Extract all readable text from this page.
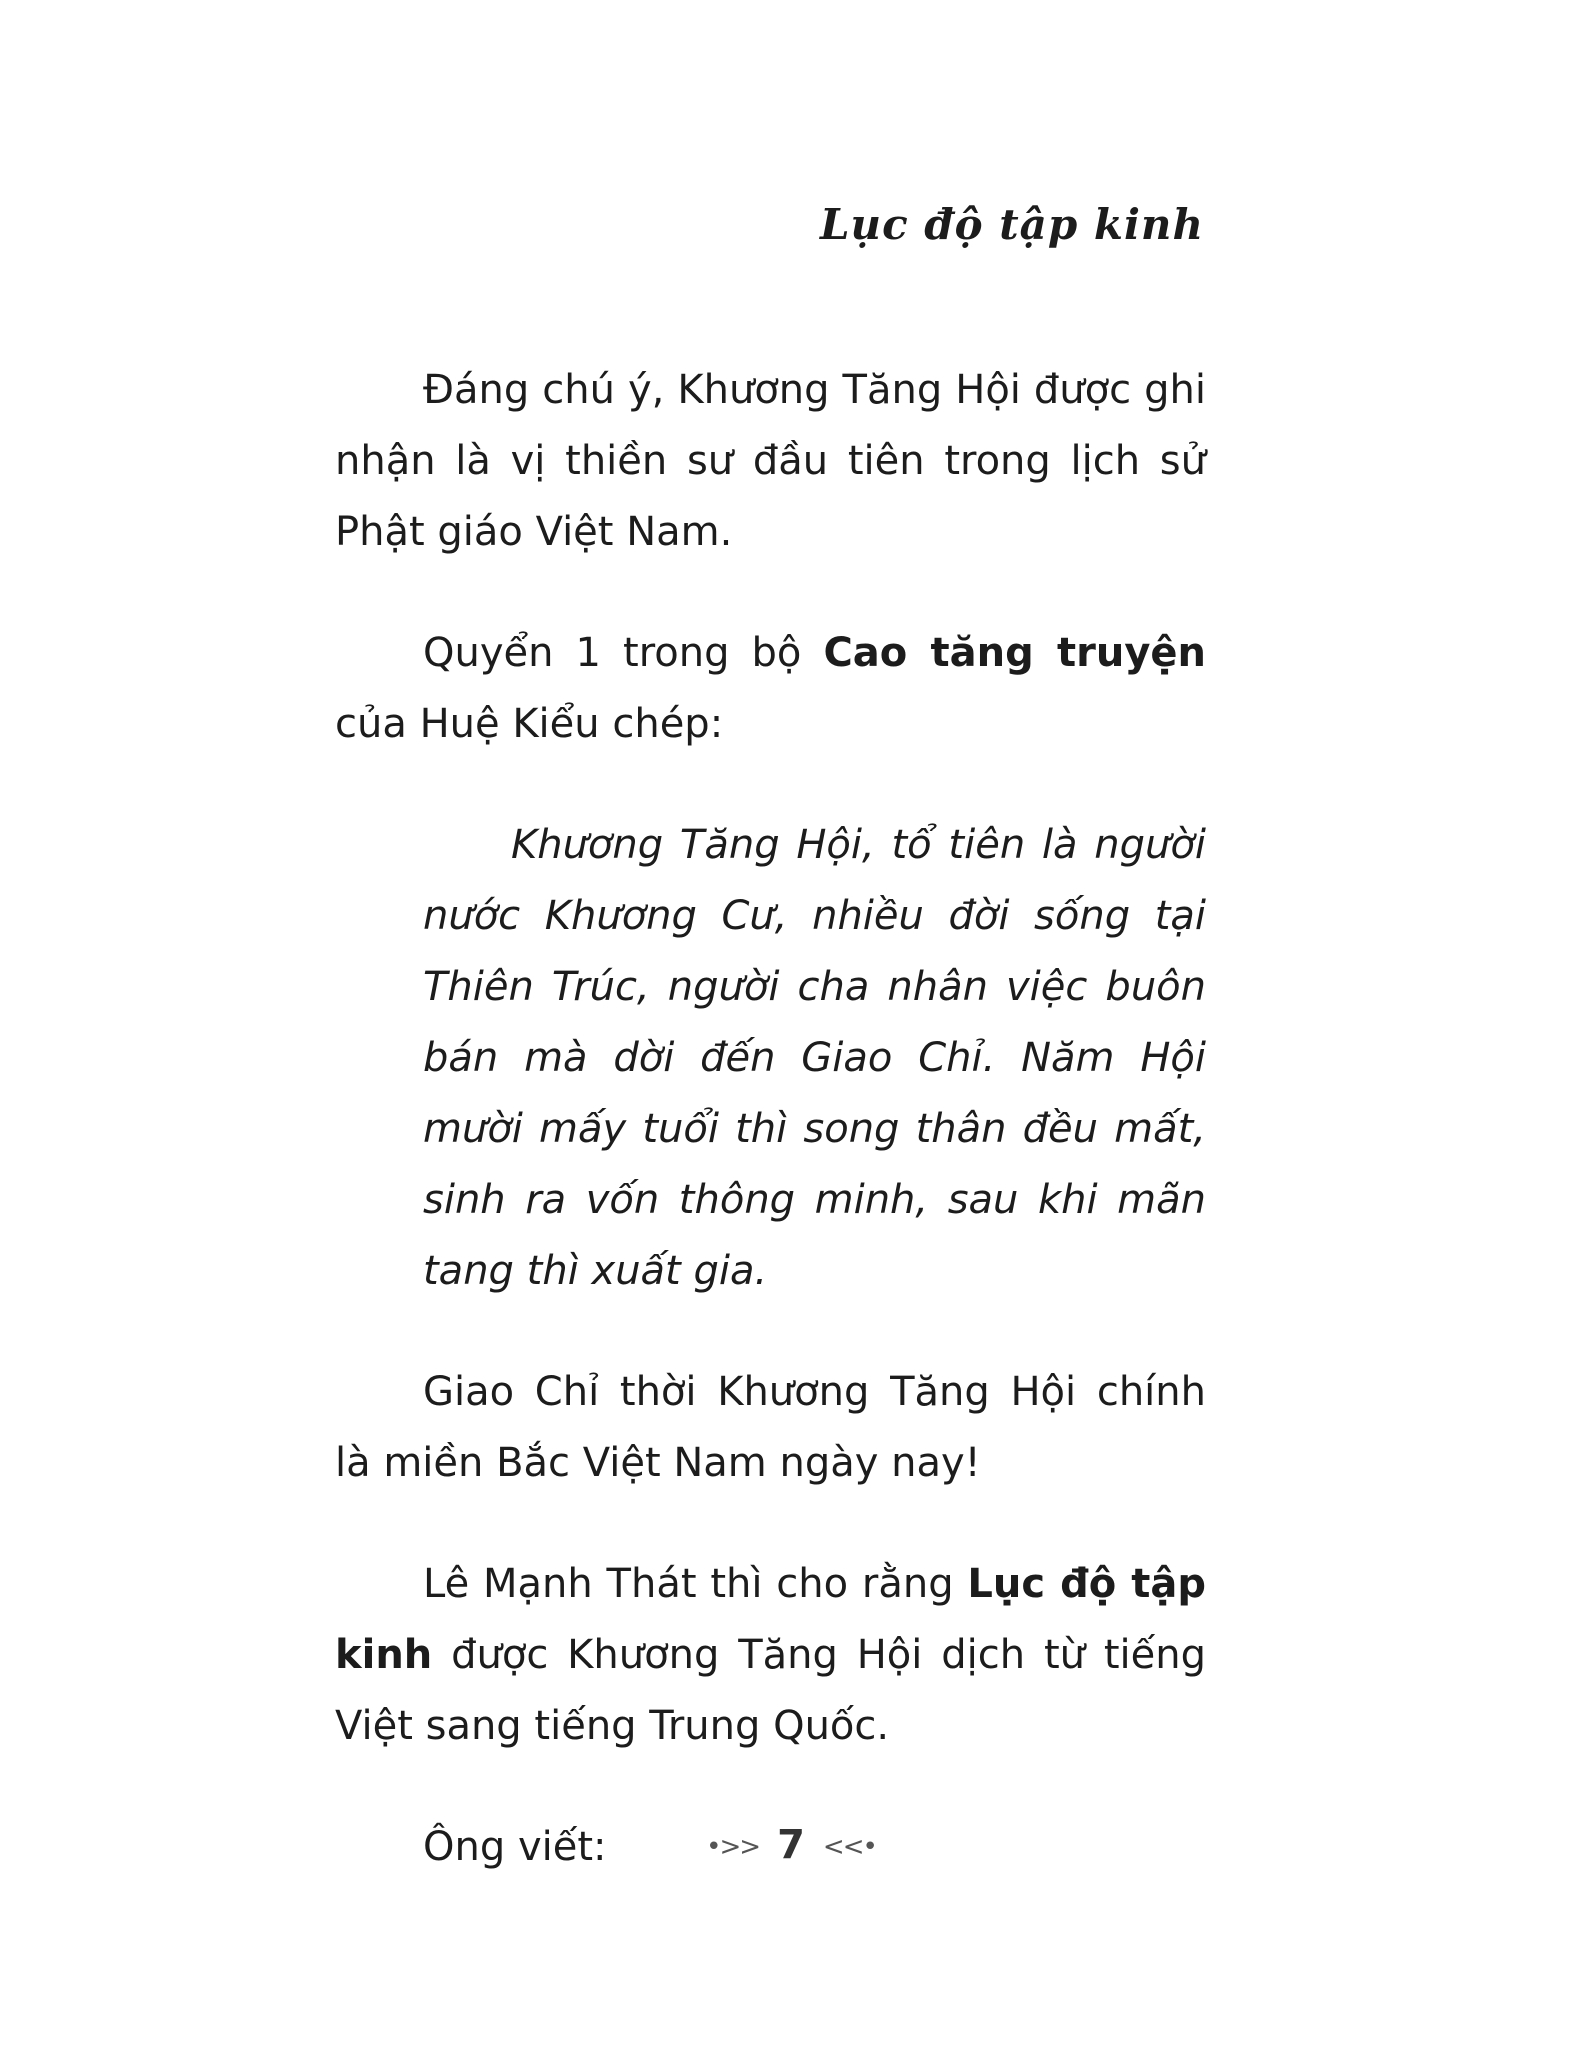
Lục độ tập kinh

Đáng chú ý, Khương Tăng Hội được ghi nhận là vị thiền sư đầu tiên trong lịch sử Phật giáo Việt Nam.

Quyển 1 trong bộ Cao tăng truyện của Huệ Kiểu chép:

Khương Tăng Hội, tổ tiên là người nước Khương Cư, nhiều đời sống tại Thiên Trúc, người cha nhân việc buôn bán mà dời đến Giao Chỉ. Năm Hội mười mấy tuổi thì song thân đều mất, sinh ra vốn thông minh, sau khi mãn tang thì xuất gia.

Giao Chỉ thời Khương Tăng Hội chính là miền Bắc Việt Nam ngày nay!

Lê Mạnh Thát thì cho rằng Lục độ tập kinh được Khương Tăng Hội dịch từ tiếng Việt sang tiếng Trung Quốc.

Ông viết:	•>> 7 <<•
